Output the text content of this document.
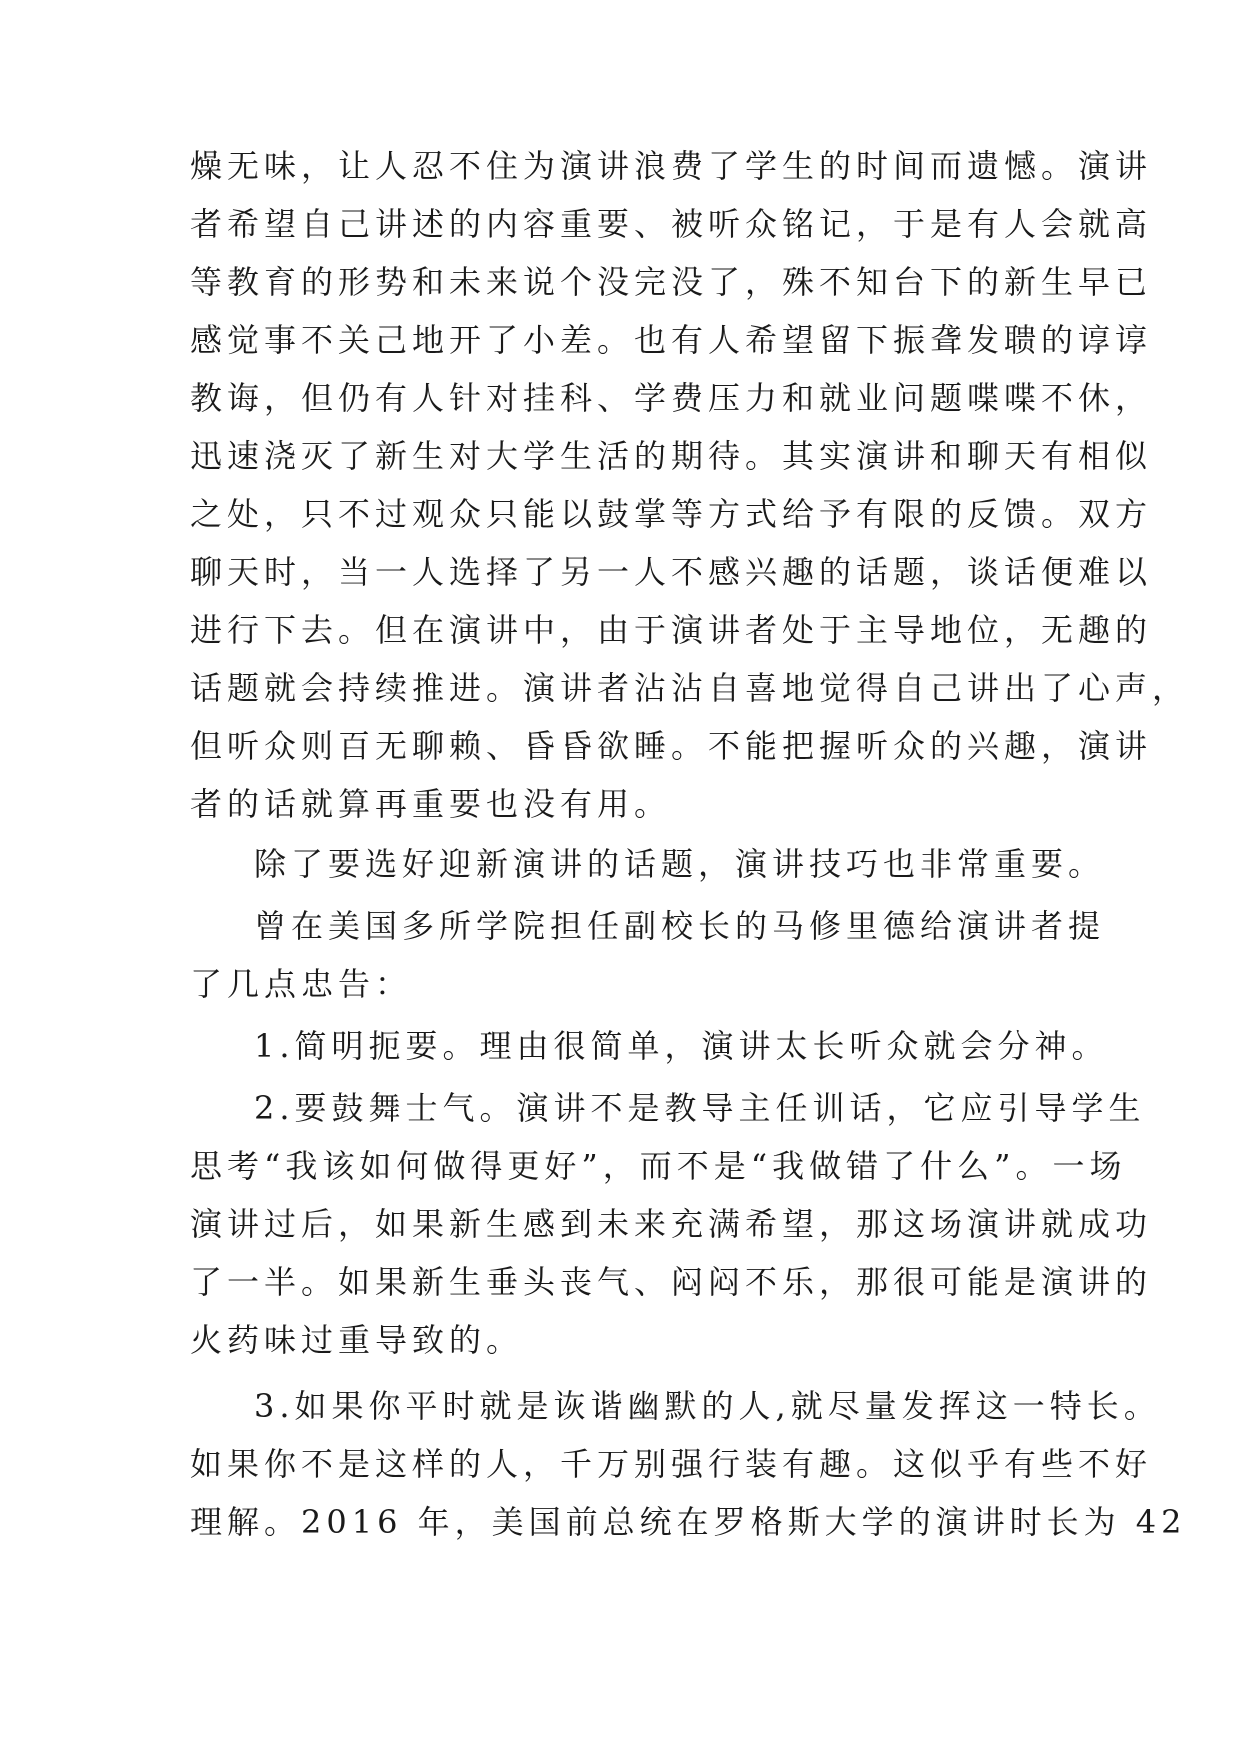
燥无味，让人忍不住为演讲浪费了学生的时间而遗憾。演讲
者希望自己讲述的内容重要、被听众铭记，于是有人会就高
等教育的形势和未来说个没完没了，殊不知台下的新生早已
感觉事不关己地开了小差。也有人希望留下振聋发聩的谆谆
教诲，但仍有人针对挂科、学费压力和就业问题喋喋不休，
迅速浇灭了新生对大学生活的期待。其实演讲和聊天有相似
之处，只不过观众只能以鼓掌等方式给予有限的反馈。双方
聊天时，当一人选择了另一人不感兴趣的话题，谈话便难以
进行下去。但在演讲中，由于演讲者处于主导地位，无趣的
话题就会持续推进。演讲者沾沾自喜地觉得自己讲出了心声，
但听众则百无聊赖、昏昏欲睡。不能把握听众的兴趣，演讲
者的话就算再重要也没有用。
除了要选好迎新演讲的话题，演讲技巧也非常重要。
曾在美国多所学院担任副校长的马修里德给演讲者提
了几点忠告：
1.简明扼要。理由很简单，演讲太长听众就会分神。
2.要鼓舞士气。演讲不是教导主任训话，它应引导学生
思考“我该如何做得更好”，而不是“我做错了什么”。一场
演讲过后，如果新生感到未来充满希望，那这场演讲就成功
了一半。如果新生垂头丧气、闷闷不乐，那很可能是演讲的
火药味过重导致的。
3.如果你平时就是诙谐幽默的人,就尽量发挥这一特长。
如果你不是这样的人，千万别强行装有趣。这似乎有些不好
理解。2016 年，美国前总统在罗格斯大学的演讲时长为 42
